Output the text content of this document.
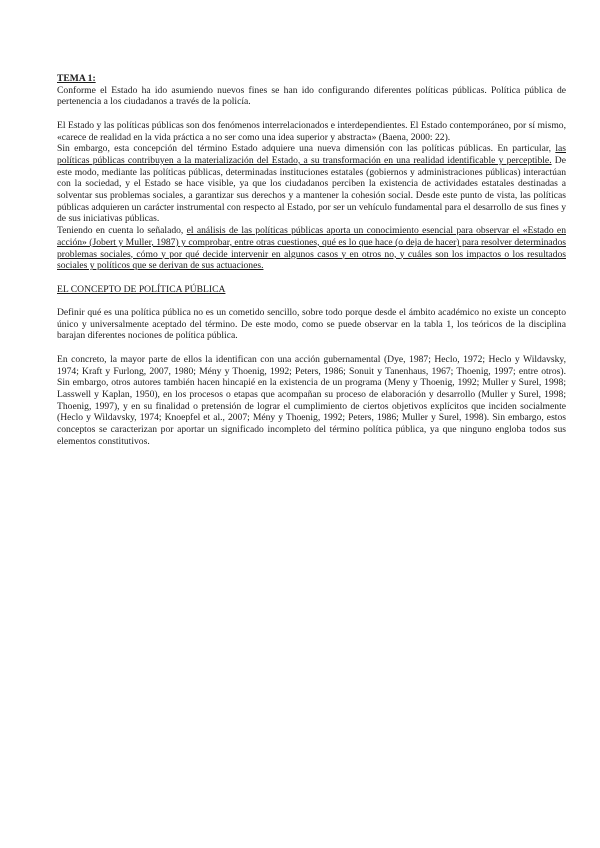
TEMA 1:

Conforme el Estado ha ido asumiendo nuevos fines se han ido configurando diferentes políticas públicas. Política pública de pertenencia a los ciudadanos a través de la policía.

El Estado y las políticas públicas son dos fenómenos interrelacionados e interdependientes. El Estado contemporáneo, por sí mismo, «carece de realidad en la vida práctica a no ser como una idea superior y abstracta» (Baena, 2000: 22).

Sin embargo, esta concepción del término Estado adquiere una nueva dimensión con las políticas públicas. En particular, las políticas públicas contribuyen a la materialización del Estado, a su transformación en una realidad identificable y perceptible. De este modo, mediante las políticas públicas, determinadas instituciones estatales (gobiernos y administraciones públicas) interactúan con la sociedad, y el Estado se hace visible, ya que los ciudadanos perciben la existencia de actividades estatales destinadas a solventar sus problemas sociales, a garantizar sus derechos y a mantener la cohesión social. Desde este punto de vista, las políticas públicas adquieren un carácter instrumental con respecto al Estado, por ser un vehículo fundamental para el desarrollo de sus fines y de sus iniciativas públicas.

Teniendo en cuenta lo señalado, el análisis de las políticas públicas aporta un conocimiento esencial para observar el «Estado en acción» (Jobert y Muller, 1987) y comprobar, entre otras cuestiones, qué es lo que hace (o deja de hacer) para resolver determinados problemas sociales, cómo y por qué decide intervenir en algunos casos y en otros no, y cuáles son los impactos o los resultados sociales y políticos que se derivan de sus actuaciones.

EL CONCEPTO DE POLÍTICA PÚBLICA

Definir qué es una política pública no es un cometido sencillo, sobre todo porque desde el ámbito académico no existe un concepto único y universalmente aceptado del término. De este modo, como se puede observar en la tabla 1, los teóricos de la disciplina barajan diferentes nociones de política pública.

En concreto, la mayor parte de ellos la identifican con una acción gubernamental (Dye, 1987; Heclo, 1972; Heclo y Wildavsky, 1974; Kraft y Furlong, 2007, 1980; Mény y Thoenig, 1992; Peters, 1986; Sonuit y Tanenhaus, 1967; Thoenig, 1997; entre otros). Sin embargo, otros autores también hacen hincapié en la existencia de un programa (Meny y Thoenig, 1992; Muller y Surel, 1998; Lasswell y Kaplan, 1950), en los procesos o etapas que acompañan su proceso de elaboración y desarrollo (Muller y Surel, 1998; Thoenig, 1997), y en su finalidad o pretensión de lograr el cumplimiento de ciertos objetivos explícitos que inciden socialmente (Heclo y Wildavsky, 1974; Knoepfel et al., 2007; Mény y Thoenig, 1992; Peters, 1986; Muller y Surel, 1998). Sin embargo, estos conceptos se caracterizan por aportar un significado incompleto del término política pública, ya que ninguno engloba todos sus elementos constitutivos.
